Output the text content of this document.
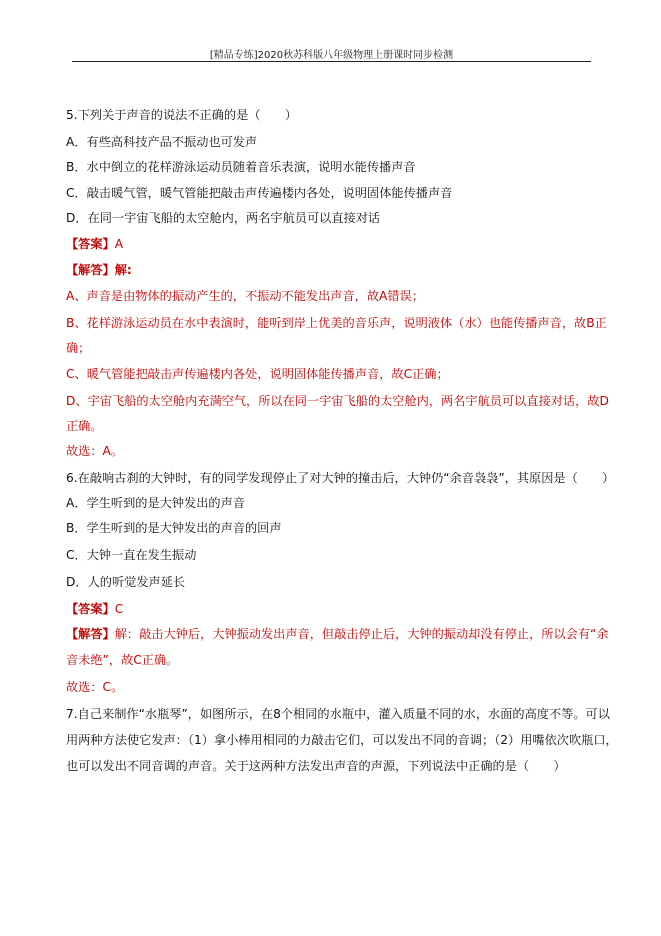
[精品专练]2020秋苏科版八年级物理上册课时同步检测
5.下列关于声音的说法不正确的是（　　）
A．有些高科技产品不振动也可发声
B．水中倒立的花样游泳运动员随着音乐表演，说明水能传播声音
C．敲击暖气管，暖气管能把敲击声传遍楼内各处，说明固体能传播声音
D．在同一宇宙飞船的太空舱内，两名宇航员可以直接对话
【答案】A
【解答】解:
A、声音是由物体的振动产生的，不振动不能发出声音，故A错误；
B、花样游泳运动员在水中表演时，能听到岸上优美的音乐声，说明液体（水）也能传播声音，故B正
确；
C、暖气管能把敲击声传遍楼内各处，说明固体能传播声音，故C正确；
D、宇宙飞船的太空舱内充满空气，所以在同一宇宙飞船的太空舱内，两名宇航员可以直接对话，故D
正确。
故选：A。
6.在敲响古刹的大钟时，有的同学发现停止了对大钟的撞击后，大钟仍“余音袅袅”，其原因是（　　）
A．学生听到的是大钟发出的声音
B．学生听到的是大钟发出的声音的回声
C．大钟一直在发生振动
D．人的听觉发声延长
【答案】C
【解答】解：敲击大钟后，大钟振动发出声音，但敲击停止后，大钟的振动却没有停止，所以会有“余
音未绝”，故C正确。
故选：C。
7.自己来制作“水瓶琴”，如图所示，在8个相同的水瓶中，灌入质量不同的水，水面的高度不等。可以
用两种方法使它发声：（1）拿小棒用相同的力敲击它们，可以发出不同的音调；（2）用嘴依次吹瓶口，
也可以发出不同音调的声音。关于这两种方法发出声音的声源，下列说法中正确的是（　　）
